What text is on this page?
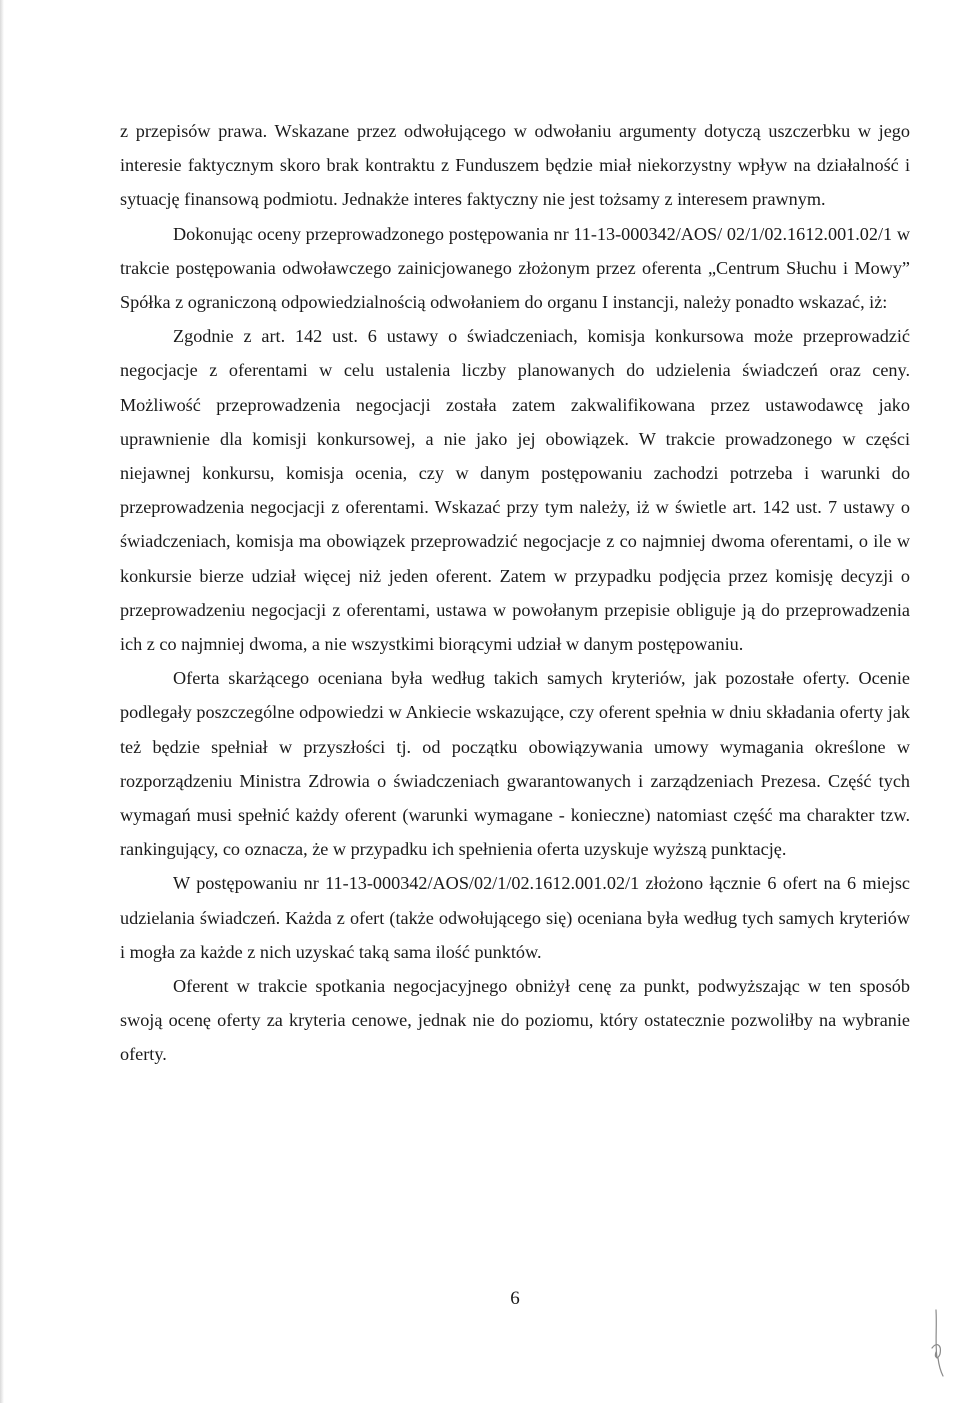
z przepisów prawa. Wskazane przez odwołującego w odwołaniu argumenty dotyczą uszczerbku w jego interesie faktycznym skoro brak kontraktu z Funduszem będzie miał niekorzystny wpływ na działalność i sytuację finansową podmiotu. Jednakże interes faktyczny nie jest tożsamy z interesem prawnym.

Dokonując oceny przeprowadzonego postępowania nr 11-13-000342/AOS/ 02/1/02.1612.001.02/1 w trakcie postępowania odwoławczego zainicjowanego złożonym przez oferenta „Centrum Słuchu i Mowy” Spółka z ograniczoną odpowiedzialnością odwołaniem do organu I instancji, należy ponadto wskazać, iż:

Zgodnie z art. 142 ust. 6 ustawy o świadczeniach, komisja konkursowa może przeprowadzić negocjacje z oferentami w celu ustalenia liczby planowanych do udzielenia świadczeń oraz ceny. Możliwość przeprowadzenia negocjacji została zatem zakwalifikowana przez ustawodawcę jako uprawnienie dla komisji konkursowej, a nie jako jej obowiązek. W trakcie prowadzonego w części niejawnej konkursu, komisja ocenia, czy w danym postępowaniu zachodzi potrzeba i warunki do przeprowadzenia negocjacji z oferentami. Wskazać przy tym należy, iż w świetle art. 142 ust. 7 ustawy o świadczeniach, komisja ma obowiązek przeprowadzić negocjacje z co najmniej dwoma oferentami, o ile w konkursie bierze udział więcej niż jeden oferent. Zatem w przypadku podjęcia przez komisję decyzji o przeprowadzeniu negocjacji z oferentami, ustawa w powołanym przepisie obliguje ją do przeprowadzenia ich z co najmniej dwoma, a nie wszystkimi biorącymi udział w danym postępowaniu.

Oferta skarżącego oceniana była według takich samych kryteriów, jak pozostałe oferty. Ocenie podlegały poszczególne odpowiedzi w Ankiecie wskazujące, czy oferent spełnia w dniu składania oferty jak też będzie spełniał w przyszłości tj. od początku obowiązywania umowy wymagania określone w rozporządzeniu Ministra Zdrowia o świadczeniach gwarantowanych i zarządzeniach Prezesa. Część tych wymagań musi spełnić każdy oferent (warunki wymagane - konieczne) natomiast część ma charakter tzw. rankingujący, co oznacza, że w przypadku ich spełnienia oferta uzyskuje wyższą punktację.

W postępowaniu nr 11-13-000342/AOS/02/1/02.1612.001.02/1 złożono łącznie 6 ofert na 6 miejsc udzielania świadczeń. Każda z ofert (także odwołującego się) oceniana była według tych samych kryteriów i mogła za każde z nich uzyskać taką sama ilość punktów.

Oferent w trakcie spotkania negocjacyjnego obniżył cenę za punkt, podwyższając w ten sposób swoją ocenę oferty za kryteria cenowe, jednak nie do poziomu, który ostatecznie pozwoliłby na wybranie oferty.

6
